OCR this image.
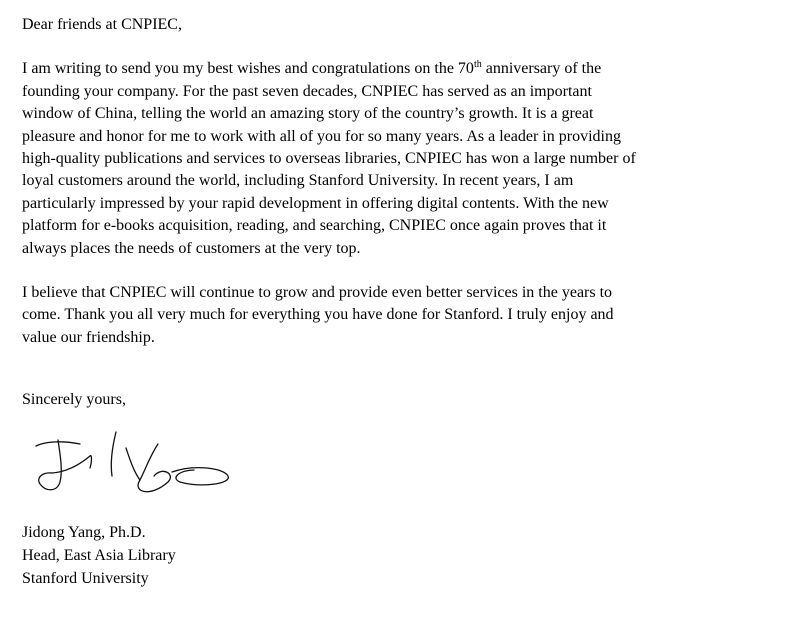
Dear friends at CNPIEC,
I am writing to send you my best wishes and congratulations on the 70th anniversary of the
founding your company. For the past seven decades, CNPIEC has served as an important
window of China, telling the world an amazing story of the country’s growth. It is a great
pleasure and honor for me to work with all of you for so many years. As a leader in providing
high-quality publications and services to overseas libraries, CNPIEC has won a large number of
loyal customers around the world, including Stanford University. In recent years, I am
particularly impressed by your rapid development in offering digital contents. With the new
platform for e-books acquisition, reading, and searching, CNPIEC once again proves that it
always places the needs of customers at the very top.
I believe that CNPIEC will continue to grow and provide even better services in the years to
come. Thank you all very much for everything you have done for Stanford. I truly enjoy and
value our friendship.
Sincerely yours,
Jidong Yang, Ph.D.
Head, East Asia Library
Stanford University
